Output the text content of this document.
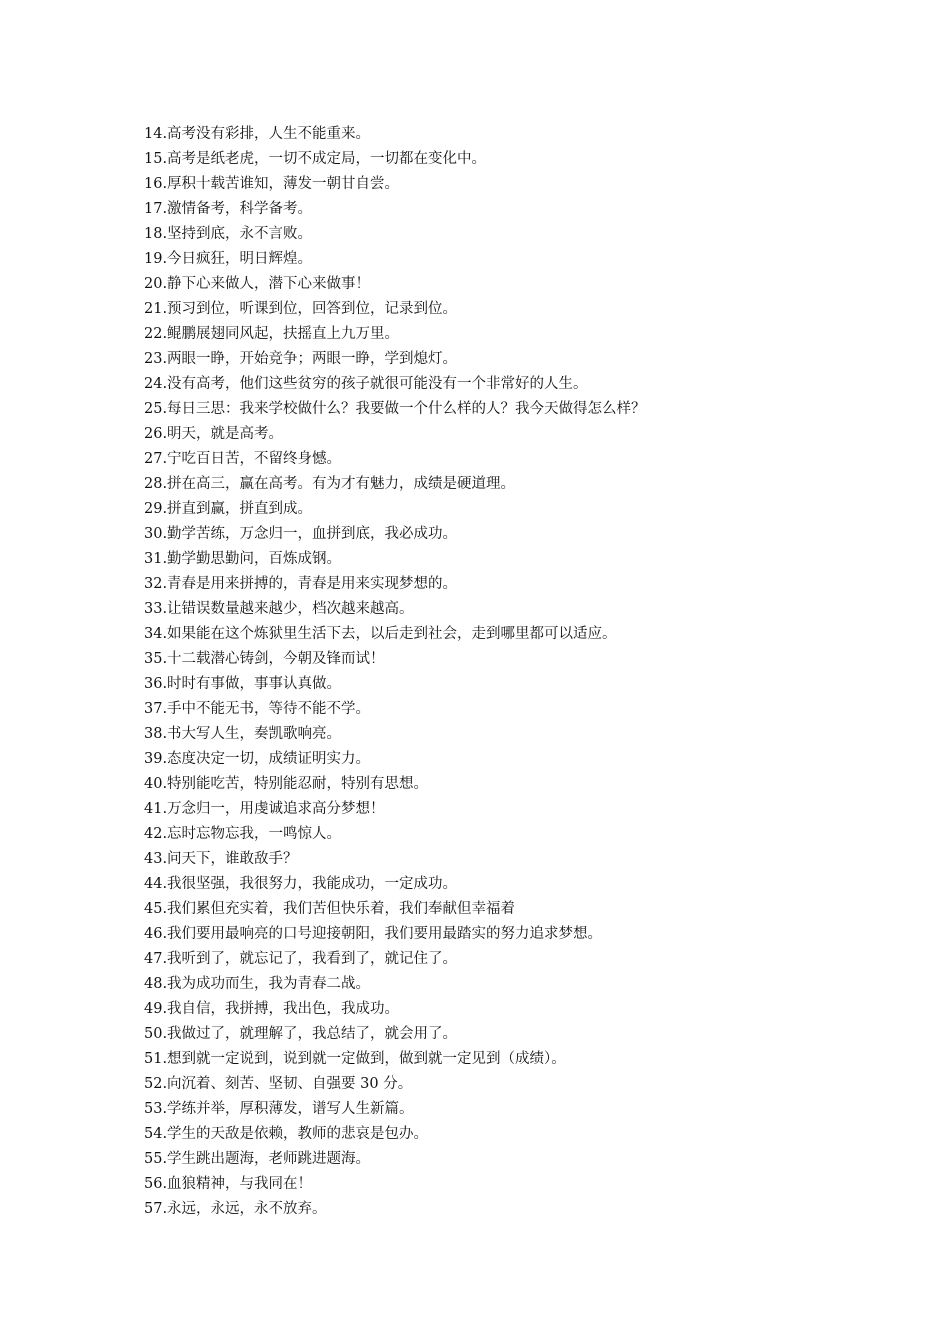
14.高考没有彩排，人生不能重来。
15.高考是纸老虎，一切不成定局，一切都在变化中。
16.厚积十载苦谁知，薄发一朝甘自尝。
17.激情备考，科学备考。
18.坚持到底，永不言败。
19.今日疯狂，明日辉煌。
20.静下心来做人，潜下心来做事！
21.预习到位，听课到位，回答到位，记录到位。
22.鲲鹏展翅同风起，扶摇直上九万里。
23.两眼一睁，开始竞争；两眼一睁，学到熄灯。
24.没有高考，他们这些贫穷的孩子就很可能没有一个非常好的人生。
25.每日三思：我来学校做什么？我要做一个什么样的人？我今天做得怎么样？
26.明天，就是高考。
27.宁吃百日苦，不留终身憾。
28.拼在高三，赢在高考。有为才有魅力，成绩是硬道理。
29.拼直到赢，拼直到成。
30.勤学苦练，万念归一，血拼到底，我必成功。
31.勤学勤思勤问，百炼成钢。
32.青春是用来拼搏的，青春是用来实现梦想的。
33.让错误数量越来越少，档次越来越高。
34.如果能在这个炼狱里生活下去，以后走到社会，走到哪里都可以适应。
35.十二载潜心铸剑，今朝及锋而试！
36.时时有事做，事事认真做。
37.手中不能无书，等待不能不学。
38.书大写人生，奏凯歌响亮。
39.态度决定一切，成绩证明实力。
40.特别能吃苦，特别能忍耐，特别有思想。
41.万念归一，用虔诚追求高分梦想！
42.忘时忘物忘我，一鸣惊人。
43.问天下，谁敢敌手？
44.我很坚强，我很努力，我能成功，一定成功。
45.我们累但充实着，我们苦但快乐着，我们奉献但幸福着
46.我们要用最响亮的口号迎接朝阳，我们要用最踏实的努力追求梦想。
47.我听到了，就忘记了，我看到了，就记住了。
48.我为成功而生，我为青春二战。
49.我自信，我拼搏，我出色，我成功。
50.我做过了，就理解了，我总结了，就会用了。
51.想到就一定说到，说到就一定做到，做到就一定见到（成绩）。
52.向沉着、刻苦、坚韧、自强要 30 分。
53.学练并举，厚积薄发，谱写人生新篇。
54.学生的天敌是依赖，教师的悲哀是包办。
55.学生跳出题海，老师跳进题海。
56.血狼精神，与我同在！
57.永远，永远，永不放弃。
